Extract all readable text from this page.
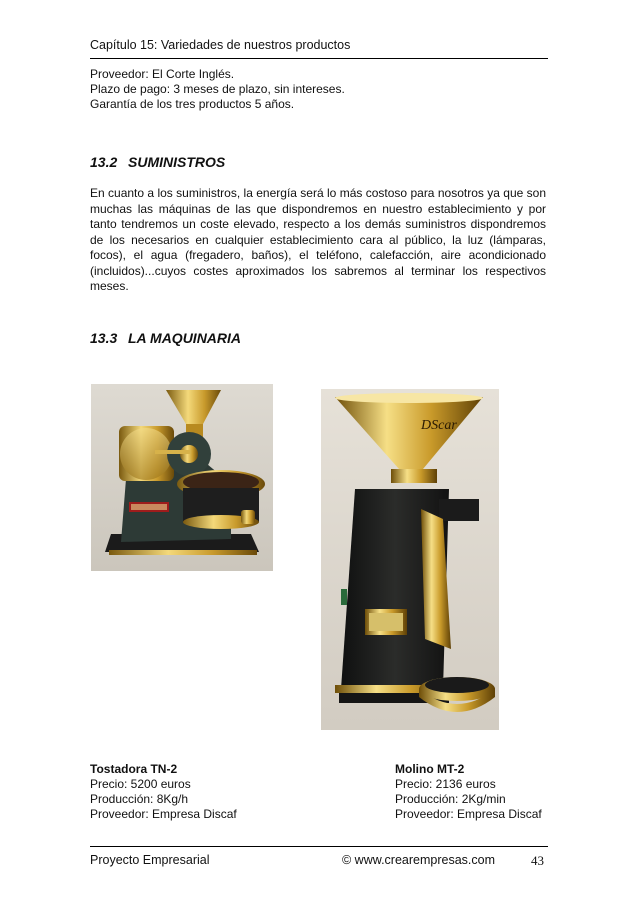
Capítulo 15: Variedades de nuestros productos
Proveedor: El Corte Inglés.
Plazo de pago: 3 meses de plazo, sin intereses.
Garantía de los tres productos 5 años.
13.2 SUMINISTROS
En cuanto a los suministros, la energía será lo más costoso para nosotros ya que son muchas las máquinas de las que dispondremos en nuestro establecimiento y por tanto tendremos un coste elevado, respecto a los demás suministros dispondremos de los necesarios en cualquier establecimiento cara al público, la luz (lámparas, focos), el agua (fregadero, baños), el teléfono, calefacción, aire acondicionado (incluidos)...cuyos costes aproximados los sabremos al terminar los respectivos meses.
13.3 LA MAQUINARIA
DScar
Tostadora TN-2
Precio: 5200 euros
Producción: 8Kg/h
Proveedor: Empresa Discaf
Molino MT-2
Precio: 2136 euros
Producción: 2Kg/min
Proveedor: Empresa Discaf
Proyecto Empresarial	© www.crearempresas.com	43
